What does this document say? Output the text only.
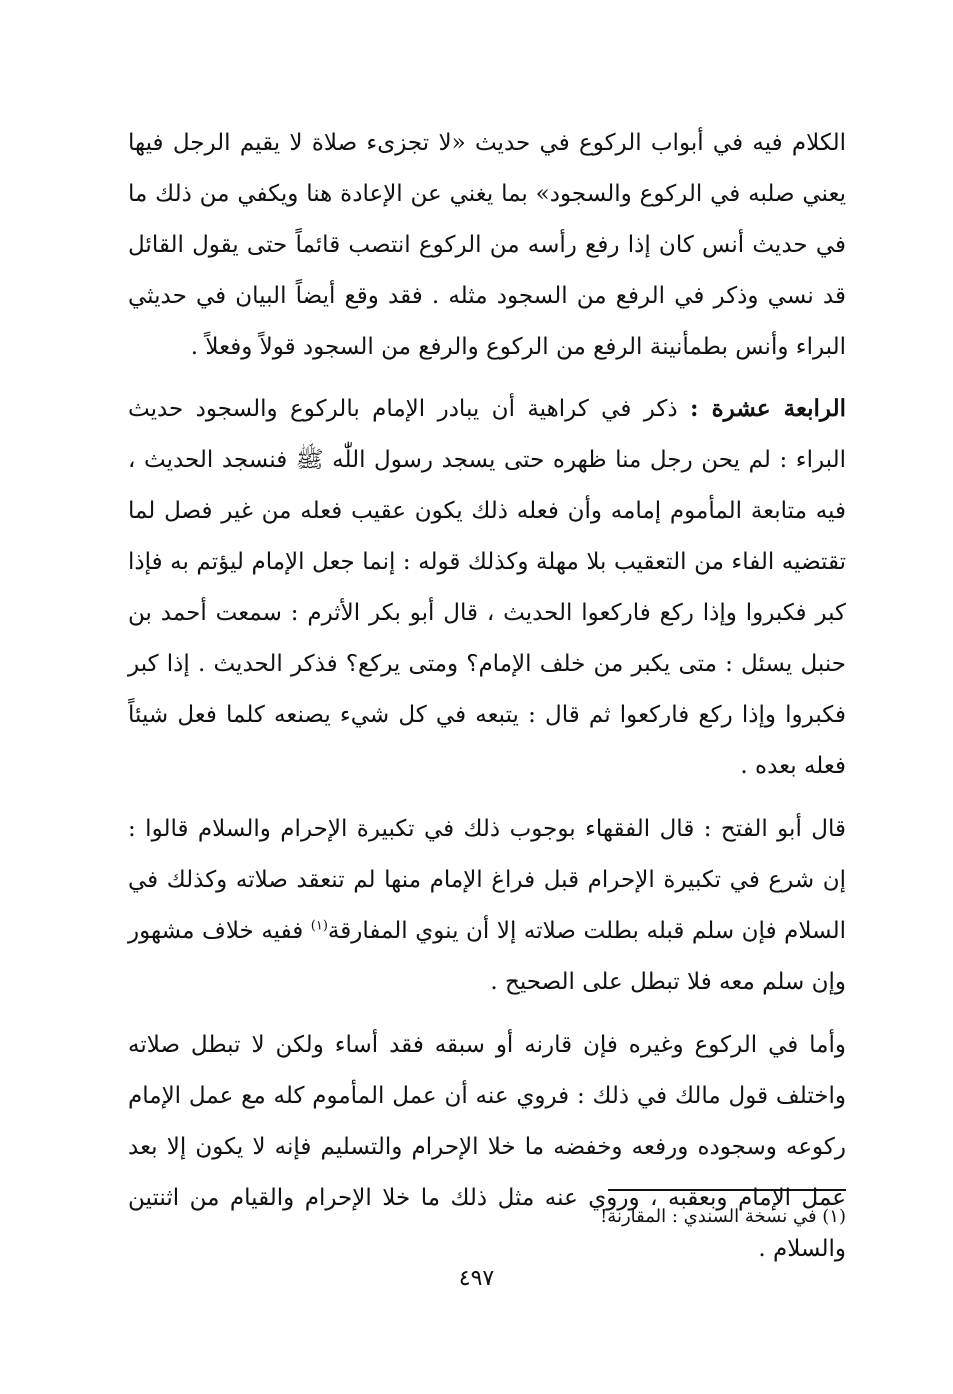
الكلام فيه في أبواب الركوع في حديث «لا تجزىء صلاة لا يقيم الرجل فيها يعني صلبه في الركوع والسجود» بما يغني عن الإعادة هنا ويكفي من ذلك ما في حديث أنس كان إذا رفع رأسه من الركوع انتصب قائماً حتى يقول القائل قد نسي وذكر في الرفع من السجود مثله . فقد وقع أيضاً البيان في حديثي البراء وأنس بطمأنينة الرفع من الركوع والرفع من السجود قولاً وفعلاً .

الرابعة عشرة : ذكر في كراهية أن يبادر الإمام بالركوع والسجود حديث البراء : لم يحن رجل منا ظهره حتى يسجد رسول اللّٰه ﷺ فنسجد الحديث ، فيه متابعة المأموم إمامه وأن فعله ذلك يكون عقيب فعله من غير فصل لما تقتضيه الفاء من التعقيب بلا مهلة وكذلك قوله : إنما جعل الإمام ليؤتم به فإذا كبر فكبروا وإذا ركع فاركعوا الحديث ، قال أبو بكر الأثرم : سمعت أحمد بن حنبل يسئل : متى يكبر من خلف الإمام؟ ومتى يركع؟ فذكر الحديث . إذا كبر فكبروا وإذا ركع فاركعوا ثم قال : يتبعه في كل شيء يصنعه كلما فعل شيئاً فعله بعده .

قال أبو الفتح : قال الفقهاء بوجوب ذلك في تكبيرة الإحرام والسلام قالوا : إن شرع في تكبيرة الإحرام قبل فراغ الإمام منها لم تنعقد صلاته وكذلك في السلام فإن سلم قبله بطلت صلاته إلا أن ينوي المفارقة$^{(١)}$ ففيه خلاف مشهور وإن سلم معه فلا تبطل على الصحيح .

وأما في الركوع وغيره فإن قارنه أو سبقه فقد أساء ولكن لا تبطل صلاته واختلف قول مالك في ذلك : فروي عنه أن عمل المأموم كله مع عمل الإمام ركوعه وسجوده ورفعه وخفضه ما خلا الإحرام والتسليم فإنه لا يكون إلا بعد عمل الإمام وبعقبه ، وروي عنه مثل ذلك ما خلا الإحرام والقيام من اثنتين والسلام .

(١) في نسخة السندي : المقارنة!
٤٩٧
